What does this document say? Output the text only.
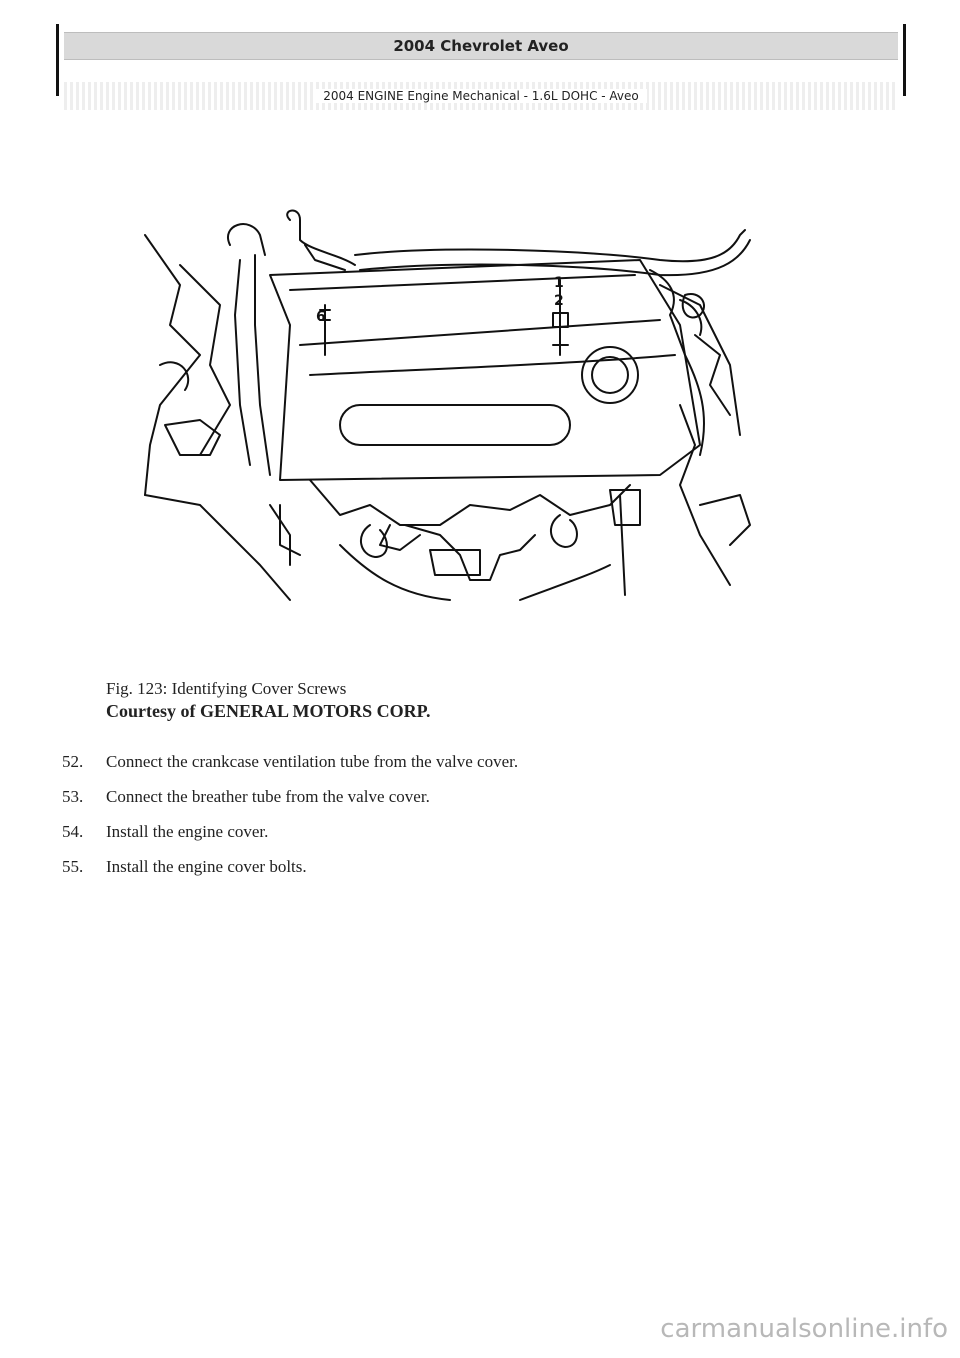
2004 Chevrolet Aveo
2004 ENGINE Engine Mechanical - 1.6L DOHC - Aveo
6
1
2
Fig. 123: Identifying Cover Screws
Courtesy of GENERAL MOTORS CORP.
52.	Connect the crankcase ventilation tube from the valve cover.
53.	Connect the breather tube from the valve cover.
54.	Install the engine cover.
55.	Install the engine cover bolts.
carmanualsonline.info
